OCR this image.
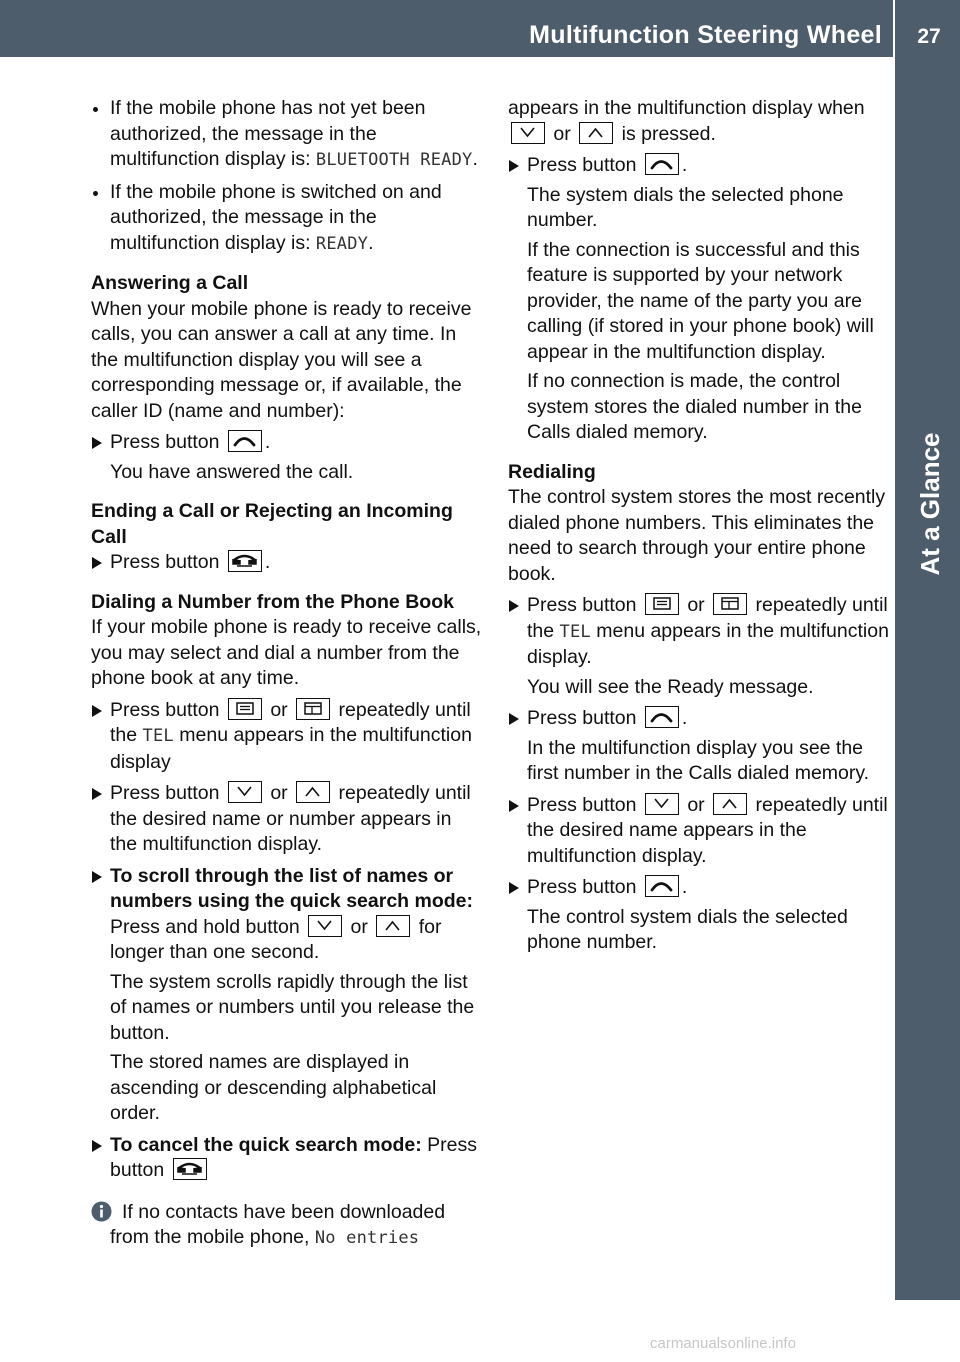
Multifunction Steering Wheel	27
At a Glance
If the mobile phone has not yet been authorized, the message in the multifunction display is: BLUETOOTH READY.
If the mobile phone is switched on and authorized, the message in the multifunction display is: READY.

Answering a Call

When your mobile phone is ready to receive calls, you can answer a call at any time. In the multifunction display you will see a corresponding message or, if available, the caller ID (name and number):

Press button
.

You have answered the call.

Ending a Call or Rejecting an Incoming Call

Press button
.

Dialing a Number from the Phone Book

If your mobile phone is ready to receive calls, you may select and dial a number from the phone book at any time.

Press button
or
repeatedly until the TEL menu appears in the multifunction display
Press button
or
repeatedly until the desired name or number appears in the multifunction display.
To scroll through the list of names or numbers using the quick search mode: Press and hold button
or
for longer than one second.

The system scrolls rapidly through the list of names or numbers until you release the button.

The stored names are displayed in ascending or descending alphabetical order.

To cancel the quick search mode: Press button
If no contacts have been downloaded from the mobile phone, No entries

appears in the multifunction display when
or
is pressed.

Press button
.

The system dials the selected phone number.

If the connection is successful and this feature is supported by your network provider, the name of the party you are calling (if stored in your phone book) will appear in the multifunction display.

If no connection is made, the control system stores the dialed number in the Calls dialed memory.

Redialing

The control system stores the most recently dialed phone numbers. This eliminates the need to search through your entire phone book.

Press button
or
repeatedly until the TEL menu appears in the multifunction display.

You will see the Ready message.

Press button
.

In the multifunction display you see the first number in the Calls dialed memory.

Press button
or
repeatedly until the desired name appears in the multifunction display.
Press button
.

The control system dials the selected phone number.

carmanualsonline.info
